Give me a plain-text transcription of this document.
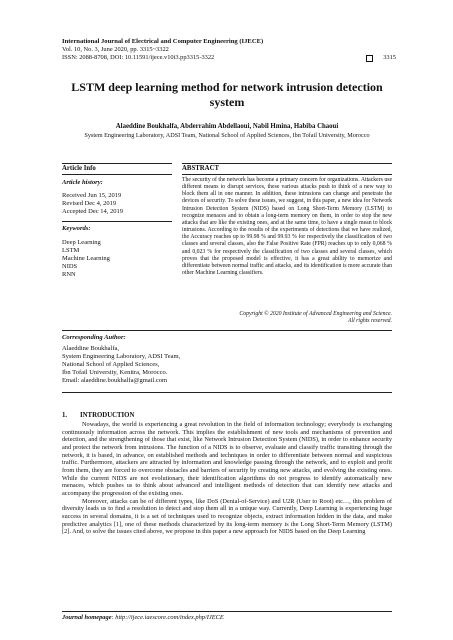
International Journal of Electrical and Computer Engineering (IJECE)
Vol. 10, No. 3, June 2020, pp. 3315~3322
ISSN: 2088-8708, DOI: 10.11591/ijece.v10i3.pp3315-3322	3315
LSTM deep learning method for network intrusion detection system
Alaeddine Boukhalfa, Abderrahim Abdellaoui, Nabil Hmina, Habiba Chaoui
System Engineering Laboratory, ADSI Team, National School of Applied Sciences, Ibn Tofail University, Morocco
Article Info	ABSTRACT
Article history:
Received Jun 15, 2019
Revised Dec 4, 2019
Accepted Dec 14, 2019
Keywords:
Deep Learning
LSTM
Machine Learning
NIDS
RNN
The security of the network has become a primary concern for organizations. Attackers use different means to disrupt services, these various attacks push to think of a new way to block them all in one manner. In addition, these intrusions can change and penetrate the devices of security. To solve these issues, we suggest, in this paper, a new idea for Network Intrusion Detection System (NIDS) based on Long Short-Term Memory (LSTM) to recognize menaces and to obtain a long-term memory on them, in order to stop the new attacks that are like the existing ones, and at the same time, to have a single mean to block intrusions. According to the results of the experiments of detections that we have realized, the Accuracy reaches up to 99.98 % and 99.93 % for respectively the classification of two classes and several classes, also the False Positive Rate (FPR) reaches up to only 0,068 % and 0,023 % for respectively the classification of two classes and several classes, which proves that the proposed model is effective, it has a great ability to memorize and differentiate between normal traffic and attacks, and its identification is more accurate than other Machine Learning classifiers.
Copyright © 2020 Institute of Advanced Engineering and Science.
All rights reserved.
Corresponding Author:
Alaeddine Boukhalfa,
System Engineering Laboratory, ADSI Team,
National School of Applied Sciences,
Ibn Tofail University, Kenitra, Morocco.
Email: alaeddine.boukhalfa@gmail.com
1. INTRODUCTION

Nowadays, the world is experiencing a great revolution in the field of information technology; everybody is exchanging continuously information across the network. This implies the establishment of new tools and mechanisms of prevention and detection, and the strengthening of those that exist, like Network Intrusion Detection System (NIDS), in order to enhance security and protect the network from intrusions. The function of a NIDS is to observe, evaluate and classify traffic transiting through the network, it is based, in advance, on established methods and techniques in order to differentiate between normal and suspicious traffic. Furthermore, attackers are attracted by information and knowledge passing through the network, and to exploit and profit from them, they are forced to overcome obstacles and barriers of security by creating new attacks, and evolving the existing ones. While the current NIDS are not evolutionary, their identification algorithms do not progress to identify automatically new menaces, which pushes us to think about advanced and intelligent methods of detection that can identify new attacks and accompany the progression of the existing ones.

Moreover, attacks can be of different types, like DoS (Denial-of-Service) and U2R (User to Root) etc…, this problem of diversity leads us to find a resolution to detect and stop them all in a unique way. Currently, Deep Learning is experiencing huge success in several domains, it is a set of techniques used to recognize objects, extract information hidden in the data, and make predictive analytics [1], one of these methods characterized by its long-term memory is the Long Short-Term Memory (LSTM) [2]. And, to solve the issues cited above, we propose in this paper a new approach for NIDS based on the Deep Learning

Journal homepage: http://ijece.iaescore.com/index.php/IJECE
